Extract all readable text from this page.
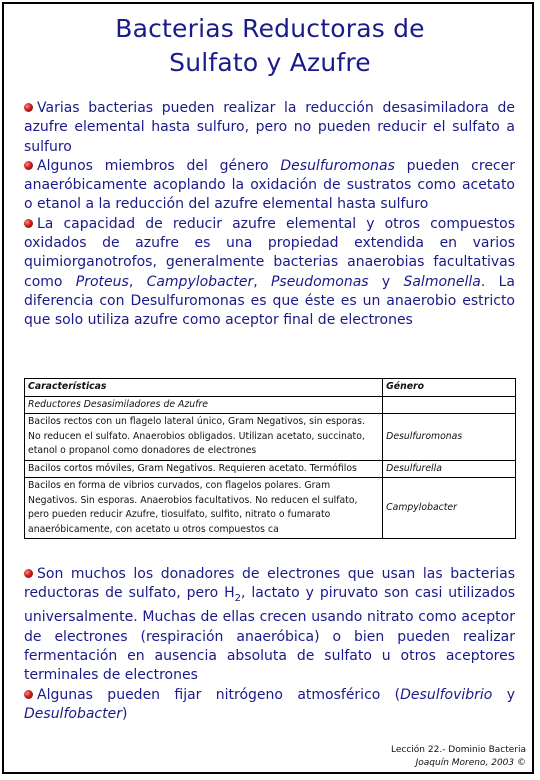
Bacterias Reductoras de
Sulfato y Azufre

Varias bacterias pueden realizar la reducción desasimiladora de azufre elemental hasta sulfuro, pero no pueden reducir el sulfato a sulfuro

Algunos miembros del género Desulfuromonas pueden crecer anaeróbicamente acoplando la oxidación de sustratos como acetato o etanol a la reducción del azufre elemental hasta sulfuro

La capacidad de reducir azufre elemental y otros compuestos oxidados de azufre es una propiedad extendida en varios quimiorganotrofos, generalmente bacterias anaerobias facultativas como Proteus, Campylobacter, Pseudomonas y Salmonella. La diferencia con Desulfuromonas es que éste es un anaerobio estricto que solo utiliza azufre como aceptor final de electrones

Características	Género
Reductores Desasimiladores de Azufre	
Bacilos rectos con un flagelo lateral único, Gram Negativos, sin esporas. No reducen el sulfato. Anaerobios obligados. Utilizan acetato, succinato, etanol o propanol como donadores de electrones	Desulfuromonas
Bacilos cortos móviles, Gram Negativos. Requieren acetato. Termófilos	Desulfurella
Bacilos en forma de vibrios curvados, con flagelos polares. Gram Negativos. Sin esporas. Anaerobios facultativos. No reducen el sulfato, pero pueden reducir Azufre, tiosulfato, sulfito, nitrato o fumarato anaeróbicamente, con acetato u otros compuestos ca	Campylobacter

Son muchos los donadores de electrones que usan las bacterias reductoras de sulfato, pero $H_2$, lactato y piruvato son casi utilizados universalmente. Muchas de ellas crecen usando nitrato como aceptor de electrones (respiración anaeróbica) o bien pueden realizar fermentación en ausencia absoluta de sulfato u otros aceptores terminales de electrones

Algunas pueden fijar nitrógeno atmosférico (Desulfovibrio y Desulfobacter)

Lección 22.- Dominio Bacteria
Joaquín Moreno, 2003 ©
